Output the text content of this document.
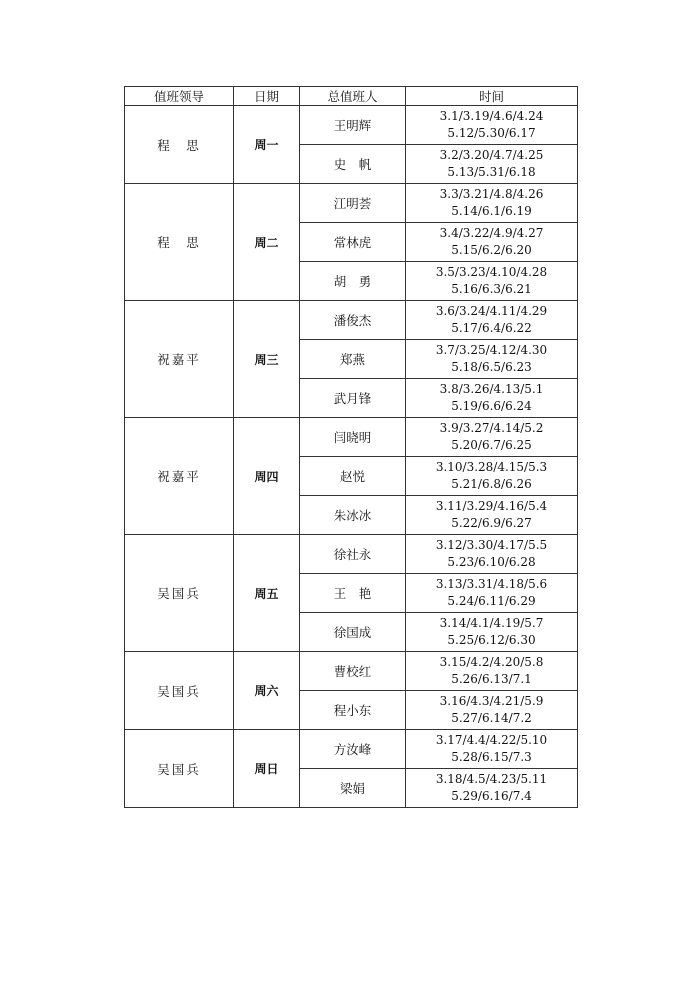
值班领导	日期	总值班人	时间
程　思	周一	王明辉	3.1/3.19/4.6/4.24
5.12/5.30/6.17

		史　帆	3.2/3.20/4.7/4.25
5.13/5.31/6.18

程　思	周二	江明荟	3.3/3.21/4.8/4.26
5.14/6.1/6.19

		常林虎	3.4/3.22/4.9/4.27
5.15/6.2/6.20

		胡　勇	3.5/3.23/4.10/4.28
5.16/6.3/6.21

祝嘉平	周三	潘俊杰	3.6/3.24/4.11/4.29
5.17/6.4/6.22

		郑燕	3.7/3.25/4.12/4.30
5.18/6.5/6.23

		武月锋	3.8/3.26/4.13/5.1
5.19/6.6/6.24

祝嘉平	周四	闫晓明	3.9/3.27/4.14/5.2
5.20/6.7/6.25

		赵悦	3.10/3.28/4.15/5.3
5.21/6.8/6.26

		朱冰冰	3.11/3.29/4.16/5.4
5.22/6.9/6.27

吴国兵	周五	徐社永	3.12/3.30/4.17/5.5
5.23/6.10/6.28

		王　艳	3.13/3.31/4.18/5.6
5.24/6.11/6.29

		徐国成	3.14/4.1/4.19/5.7
5.25/6.12/6.30

吴国兵	周六	曹校红	3.15/4.2/4.20/5.8
5.26/6.13/7.1

		程小东	3.16/4.3/4.21/5.9
5.27/6.14/7.2

吴国兵	周日	方汝峰	3.17/4.4/4.22/5.10
5.28/6.15/7.3

		梁娟	3.18/4.5/4.23/5.11
5.29/6.16/7.4
